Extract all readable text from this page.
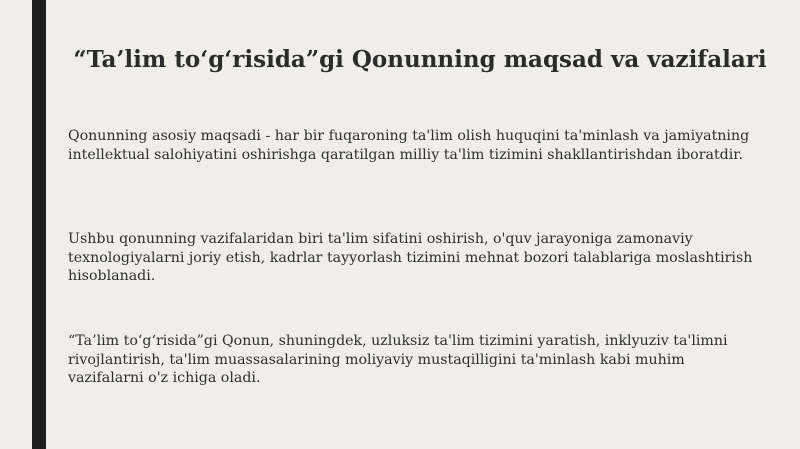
“Ta’lim to‘g‘risida”gi Qonunning maqsad va vazifalari

Qonunning asosiy maqsadi - har bir fuqaroning ta'lim olish huquqini ta'minlash va jamiyatning intellektual salohiyatini oshirishga qaratilgan milliy ta'lim tizimini shakllantirishdan iboratdir.

Ushbu qonunning vazifalaridan biri ta'lim sifatini oshirish, o'quv jarayoniga zamonaviy texnologiyalarni joriy etish, kadrlar tayyorlash tizimini mehnat bozori talablariga moslashtirish hisoblanadi.

“Ta’lim to‘g‘risida”gi Qonun, shuningdek, uzluksiz ta'lim tizimini yaratish, inklyuziv ta'limni rivojlantirish, ta'lim muassasalarining moliyaviy mustaqilligini ta'minlash kabi muhim vazifalarni o'z ichiga oladi.
